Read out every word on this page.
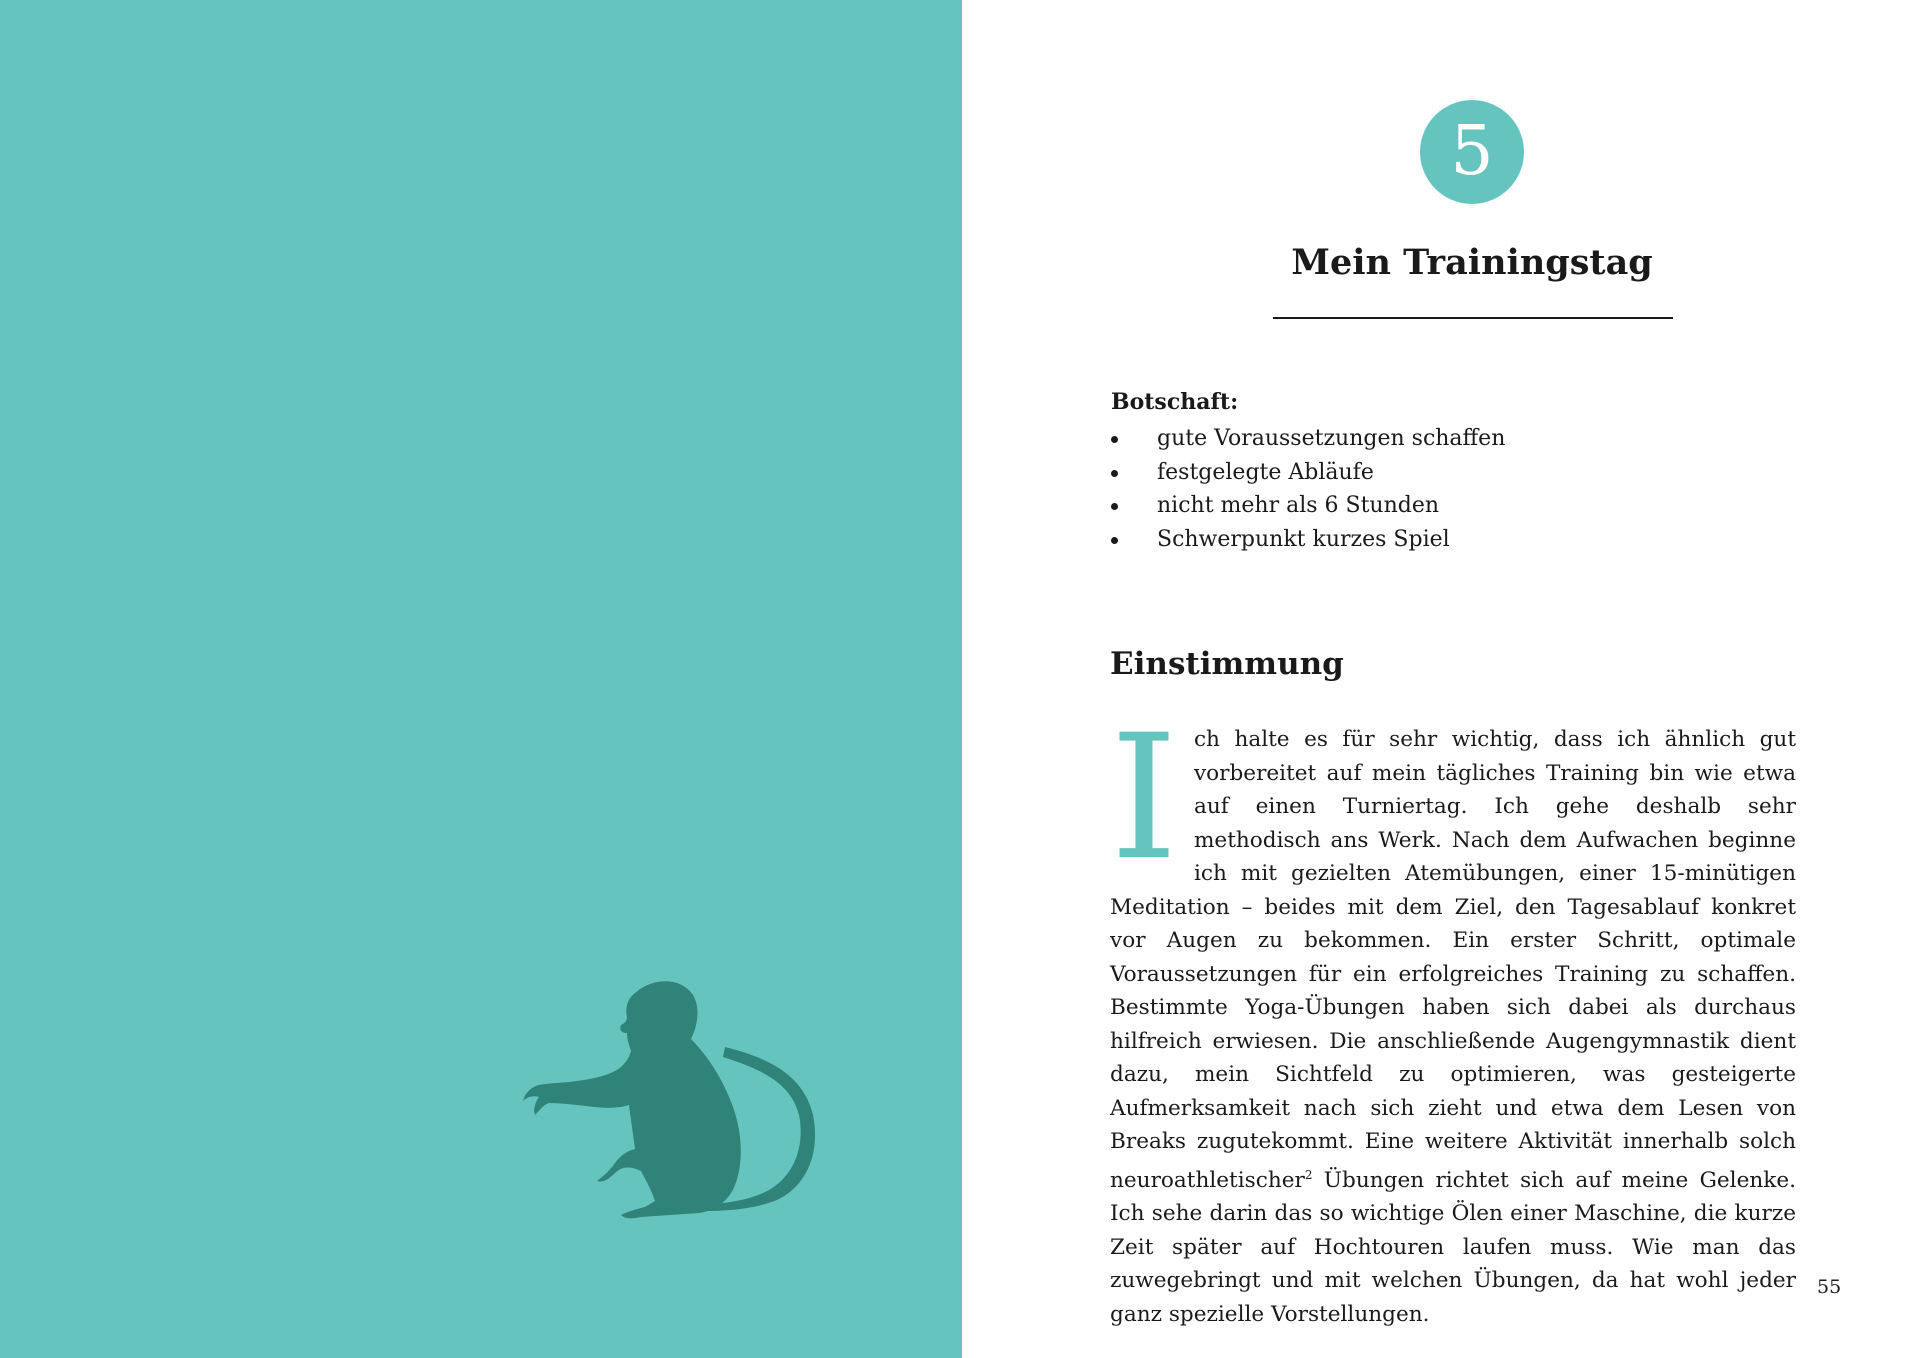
5
Mein Trainingstag

Botschaft:

gute Voraussetzungen schaffen
festgelegte Abläufe
nicht mehr als 6 Stunden
Schwerpunkt kurzes Spiel
Einstimmung

Ich halte es für sehr wichtig, dass ich ähnlich gut vorbereitet auf mein tägliches Training bin wie etwa auf einen Turniertag. Ich gehe deshalb sehr methodisch ans Werk. Nach dem Aufwachen beginne ich mit gezielten Atemübungen, einer 15-minütigen Meditation – beides mit dem Ziel, den Tagesablauf konkret vor Augen zu bekommen. Ein erster Schritt, optimale Voraussetzungen für ein erfolgreiches Training zu schaffen. Bestimmte Yoga-Übungen haben sich dabei als durchaus hilfreich erwiesen. Die anschließende Augengymnastik dient dazu, mein Sichtfeld zu optimieren, was gesteigerte Aufmerksamkeit nach sich zieht und etwa dem Lesen von Breaks zugutekommt. Eine weitere Aktivität innerhalb solch neuroathletischer$^2$ Übungen richtet sich auf meine Gelenke. Ich sehe darin das so wichtige Ölen einer Maschine, die kurze Zeit später auf Hochtouren laufen muss. Wie man das zuwegebringt und mit welchen Übungen, da hat wohl jeder ganz spezielle Vorstellungen.

55
